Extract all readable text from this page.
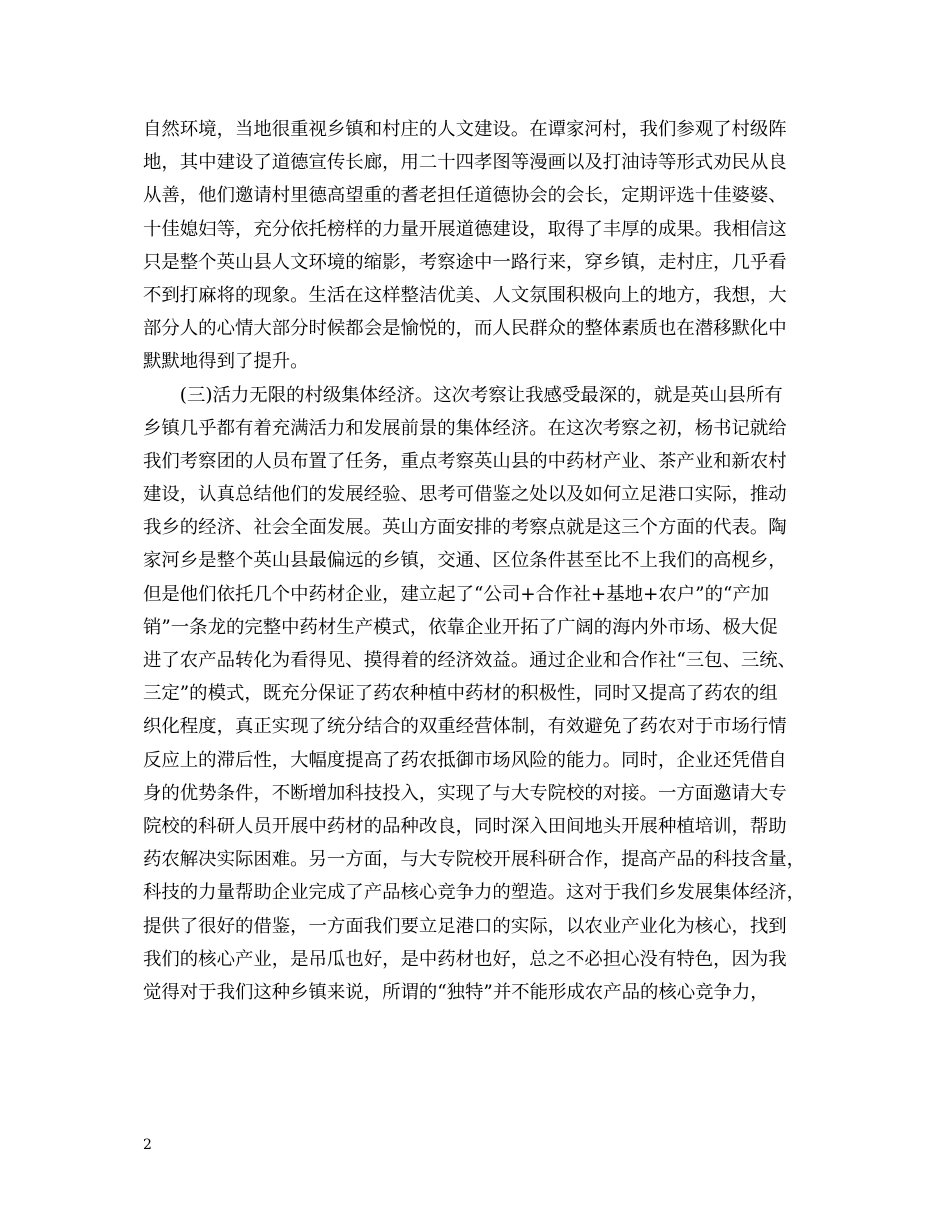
自然环境，当地很重视乡镇和村庄的人文建设。在谭家河村，我们参观了村级阵
地，其中建设了道德宣传长廊，用二十四孝图等漫画以及打油诗等形式劝民从良
从善，他们邀请村里德高望重的耆老担任道德协会的会长，定期评选十佳婆婆、
十佳媳妇等，充分依托榜样的力量开展道德建设，取得了丰厚的成果。我相信这
只是整个英山县人文环境的缩影，考察途中一路行来，穿乡镇，走村庄，几乎看
不到打麻将的现象。生活在这样整洁优美、人文氛围积极向上的地方，我想，大
部分人的心情大部分时候都会是愉悦的，而人民群众的整体素质也在潜移默化中
默默地得到了提升。
　　(三)活力无限的村级集体经济。这次考察让我感受最深的，就是英山县所有
乡镇几乎都有着充满活力和发展前景的集体经济。在这次考察之初，杨书记就给
我们考察团的人员布置了任务，重点考察英山县的中药材产业、茶产业和新农村
建设，认真总结他们的发展经验、思考可借鉴之处以及如何立足港口实际，推动
我乡的经济、社会全面发展。英山方面安排的考察点就是这三个方面的代表。陶
家河乡是整个英山县最偏远的乡镇，交通、区位条件甚至比不上我们的高枧乡，
但是他们依托几个中药材企业，建立起了“公司+合作社+基地+农户”的“产加
销”一条龙的完整中药材生产模式，依靠企业开拓了广阔的海内外市场、极大促
进了农产品转化为看得见、摸得着的经济效益。通过企业和合作社“三包、三统、
三定”的模式，既充分保证了药农种植中药材的积极性，同时又提高了药农的组
织化程度，真正实现了统分结合的双重经营体制，有效避免了药农对于市场行情
反应上的滞后性，大幅度提高了药农抵御市场风险的能力。同时，企业还凭借自
身的优势条件，不断增加科技投入，实现了与大专院校的对接。一方面邀请大专
院校的科研人员开展中药材的品种改良，同时深入田间地头开展种植培训，帮助
药农解决实际困难。另一方面，与大专院校开展科研合作，提高产品的科技含量，
科技的力量帮助企业完成了产品核心竞争力的塑造。这对于我们乡发展集体经济，
提供了很好的借鉴，一方面我们要立足港口的实际，以农业产业化为核心，找到
我们的核心产业，是吊瓜也好，是中药材也好，总之不必担心没有特色，因为我
觉得对于我们这种乡镇来说，所谓的“独特”并不能形成农产品的核心竞争力，
2
